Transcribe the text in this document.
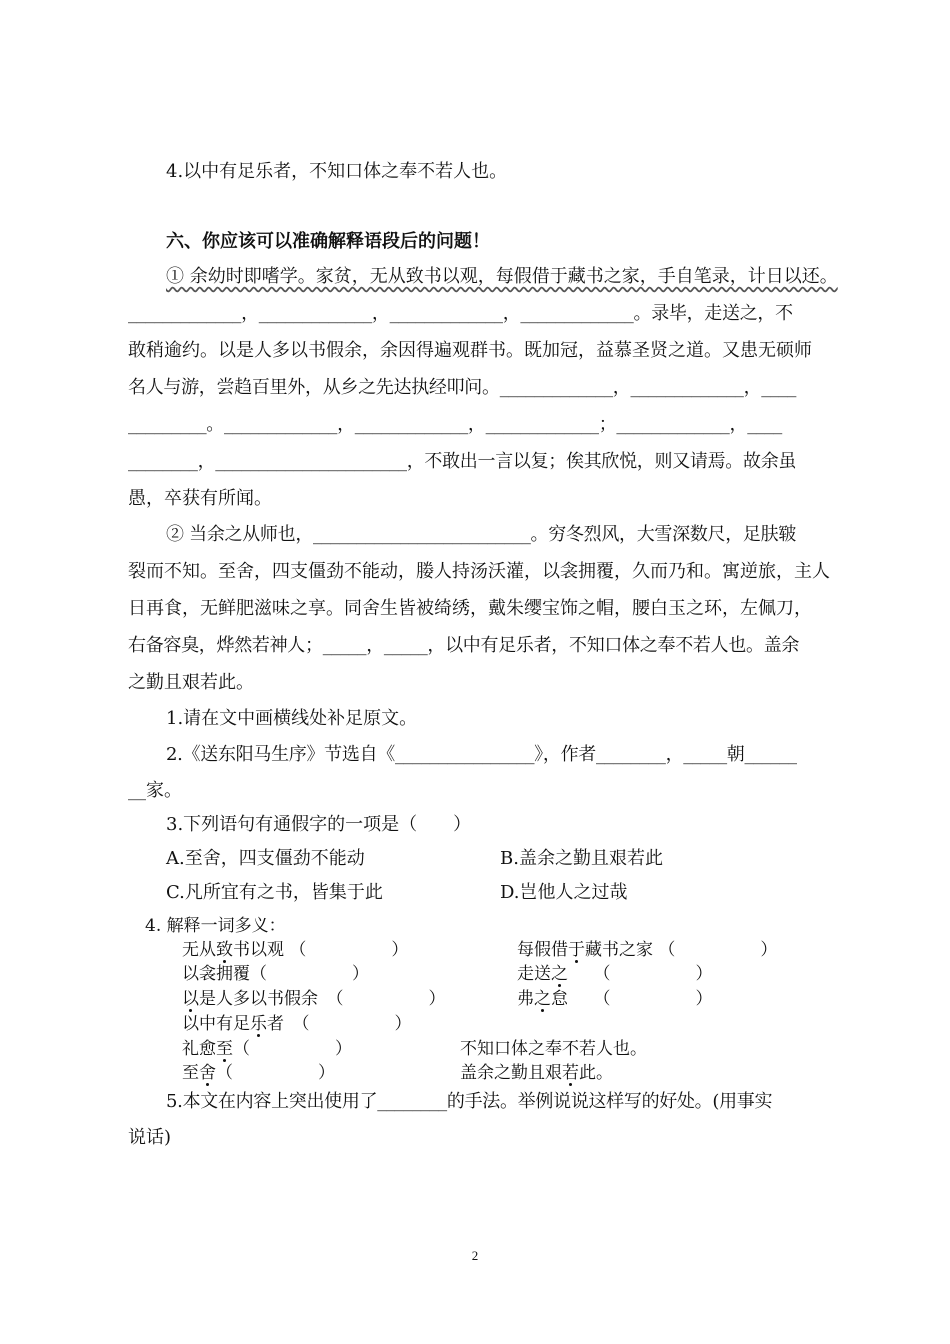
4.以中有足乐者，不知口体之奉不若人也。
六、你应该可以准确解释语段后的问题！
① 余幼时即嗜学。家贫，无从致书以观，每假借于藏书之家，手自笔录，计日以还。
_____________，_____________，_____________，_____________。录毕，走送之，不
敢稍逾约。以是人多以书假余，余因得遍观群书。既加冠，益慕圣贤之道。又患无硕师
名人与游，尝趋百里外，从乡之先达执经叩问。_____________，_____________，____
_________。_____________，_____________，_____________；_____________，____
________，______________________，不敢出一言以复；俟其欣悦，则又请焉。故余虽
愚，卒获有所闻。
② 当余之从师也，_________________________。穷冬烈风，大雪深数尺，足肤皲
裂而不知。至舍，四支僵劲不能动，媵人持汤沃灌，以衾拥覆，久而乃和。寓逆旅，主人
日再食，无鲜肥滋味之享。同舍生皆被绮绣，戴朱缨宝饰之帽，腰白玉之环，左佩刀，
右备容臭，烨然若神人；_____，_____，以中有足乐者，不知口体之奉不若人也。盖余
之勤且艰若此。
1.请在文中画横线处补足原文。
2.《送东阳马生序》节选自《________________》，作者________，_____朝______
__家。
3.下列语句有通假字的一项是（　　）
A.至舍，四支僵劲不能动	B.盖余之勤且艰若此
C.凡所宜有之书，皆集于此	D.岂他人之过哉
4. 解释一词多义：
无从致书以观 （　　　　　）	每假借于藏书之家 （　　　　　）
以衾拥覆（　　　　　）	走送之　　 （　　　　　）
以是人多以书假余　 （　　　　　）	弗之怠　　 （　　　　　）
以中有足乐者　 （　　　　　）
礼愈至（　　　　　）	不知口体之奉不若人也。
至舍（　　　　　）	盖余之勤且艰若此。
5.本文在内容上突出使用了________的手法。举例说说这样写的好处。(用事实
说话)
2
